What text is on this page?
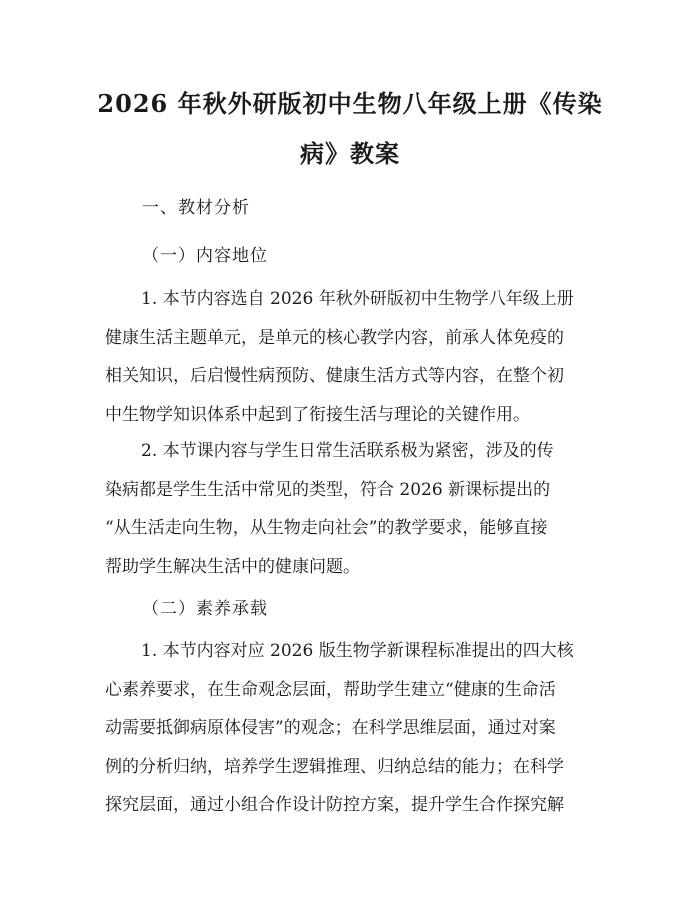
2026 年秋外研版初中生物八年级上册《传染
病》教案
一、教材分析
（一）内容地位
1. 本节内容选自 2026 年秋外研版初中生物学八年级上册
健康生活主题单元，是单元的核心教学内容，前承人体免疫的
相关知识，后启慢性病预防、健康生活方式等内容，在整个初
中生物学知识体系中起到了衔接生活与理论的关键作用。
2. 本节课内容与学生日常生活联系极为紧密，涉及的传
染病都是学生生活中常见的类型，符合 2026 新课标提出的
“从生活走向生物，从生物走向社会”的教学要求，能够直接
帮助学生解决生活中的健康问题。
（二）素养承载
1. 本节内容对应 2026 版生物学新课程标准提出的四大核
心素养要求，在生命观念层面，帮助学生建立“健康的生命活
动需要抵御病原体侵害”的观念；在科学思维层面，通过对案
例的分析归纳，培养学生逻辑推理、归纳总结的能力；在科学
探究层面，通过小组合作设计防控方案，提升学生合作探究解
